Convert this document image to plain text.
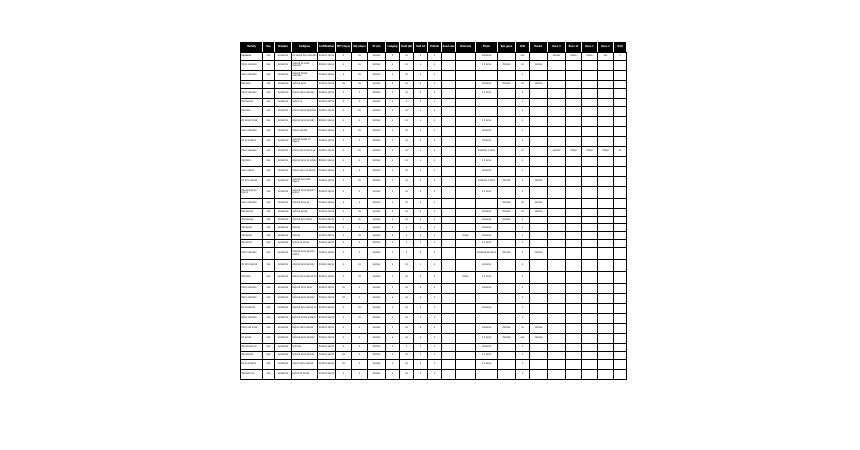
Variety	Use	Breeder	Pedigree	Certification	MFI (days)	MG (days)	Ht (in)	Lodging	Yield (lb)	Test wt	Protein	Seed size	Chlorosis	Phyto	Rps gene	SCN	Resist.	Race 3	Race 14	Race 1	Race 2	Trait
Aaaaaaa	xxx	xxxxxxxx	xx xxxxx xxx xxxxxxx	Xxxxxx xxxxx	x	xx	xxxxxx	x	xx	x	x			xxxxxxx		xxx		xxxxxx	xxxxx	xxxxx	xxx	x
Xxxx xxxxxxx	xxx	xxxxxxxx	xxxxxx xx xxxx xxxxxxx	Xxxxxx xxxxx	x	xx	xxxxxx	x	xx	x	x			x x xxxx	Xxxxxx	xx	xxxxxx					
Xxxx xxxxxxx	xxx	xxxxxxxx	xxxxxx xxxxx xxxxxxx	Xxxxxx xxxxx	x	xx	xxxxxx	x	xx	x	x					x						
Xxxxxxx	xxx	xxxxxxxx	xxxxxx xxxx	Xxxxxx xxxxx	xx	xx	xxxxxx	x	xx	x	x			xxxxxxx	Xxxxxx	xx	xxxxxx					
Xxxx xxxxxxx	xxx	xxxxxxxx	xxxxx xxxx xxxxxxx	Xxxxxx xxxxx	x	x	xxxxxx	x	xx	x	x			x x xxxx		x						
Xxxxxxxxx	xxx	xxxxxxxx	xxxxx xx	Xxxxxx xxxxx	x	x	xxxxxx	x	x	x	x					x						
Xxxxxxx	xxx	xxxxxxxx	xxxxx xxxxx xxxxxxx	Xxxxxx xxxxx	x	xx	xxxxxx	x	xx	x	x					x						
Xx xxxxx xxxx	xxx	xxxxxxxx	xxxxxx xxxx xxxxxx	Xxxxxx xxxxx	x	x	xxxxxx	x	xx	x	x			x x xxxx		x						
Xxxx xxxxxxx	xxx	xxxxxxxx	xxxxx xxxxxx	Xxxxxx xxxxx	x	xx	xxxxxx	x	xx	x	x			xxxxxxx		x						
Xx xx xxxxxx	xxx	xxxxxxxx	xxxxxx xxxxx xx xxxxx	Xxxxxx xxxxx	x	x	xxxxxx	x	xx	x	x			xxxxxxx		x						
Xxxx xxxxxxx	xxx	xxxxxxxx	xxxxx xxx xxxxxx xx	Xxxxxx xxxxx	x	xx	xxxxxx	x	xx	x	x			xxxxxxx x xxxx		xx		xxxxxx	xxxxx	xxxxx	xxxxx	xx
Xxxxxxx	xxx	xxxxxxxx	xxxxxx xxxx xx xxxxx	Xxxxxx xxxxx	x	x	xxxxxx	x	xx	x	x			x x xxxx		x						
Xxxx xxxxx	xxx	xxxxxxxx	xxxxx xxxx xx xxxxx	Xxxxxx xxxxx	x	x	xxxxxx	x	xx	x	x			xxxxxxx		x						
Xx xxx xxxxxx	xxx	xxxxxxxx	xxxxxx xxx xxxx xxxxx	Xxxxxx xxxxx	x	xx	xxxxxx	x	xx	x	x			xxxxxxx x xxxx	Xxxxxx	x	xxxxxx					
Xxxxxxxxx xx xxxxx	xxx	xxxxxxxx	xxxxxx xxxx xxxxxx xxxxx	Xxxxxx xxxxx	x	x	xxxxxx	x	xx	x	x			x x xxxx		x						
Xxxx xxxxxxx	xxx	xxxxxxxx	xxxxxx xxxx xx	Xxxxxx xxxxx	x	x	xxxxxx	x	xx	x	x				Xxxxxx	xx	xxxxxx					
Xxxxxxxxx	xxx	xxxxxxxx	xxxxxx xxxxx	Xxxxxx xxxxx	x	xx	xxxxxx	x	xx	x	x			xxxxxxx	Xxxxxx	xx	xxxxxx					
Xxxxxxxxx	xxx	xxxxxxxx	xxxxxx xxx xxxxx	Xxxxxx xxxxx	x	xx	xxxxxx	x	xx	x	x			xxxxxxx	Xxxxxx	x						
Xxxxxxxx	xxx	xxxxxxxx	xxxxxx	Xxxxxx xxxxx	x	x	xxxxxx	x	x	x	x			xxxxxxx		x						
Xxxxxxxx	xxx	xxxxxxxx	xxxxxx	Xxxxxx xxxxx	x	xx	xxxxxx	x	x	x	x		xxxxx	xxxxxxx		x						
Xxxxxxxx	xxx	xxxxxxxx	xxxxx xx xxxxx	Xxxxxx xxxxx	x	x	xxxxxx	x	x	x	x			x x xxxx		x						
Xxxx xxxxxxx	xxx	xxxxxxxx	xxxxxx xxxx xxxxxx xxxxx	Xxxxxx xxxxx	x	x	xxxxxx	x	x	x	x			xxxxxxx xxxxxxx	Xxxxxx	x	xxxxxx					
Xx xxx xxxxxx	xxx	xxxxxxxx	xxxxxx xxxx xxxxxx	Xxxxxx xxxxx	x	xx	xxxxxx	x	xx	x	x			xxxxxxx		x						
Xxxxxxx	xxx	xxxxxxxx	xxxxx xxx xxxxxxx xx	Xxxxxx xxxxx	x	xx	xxxxxx	x	xx	x	x		xxxxx	x x xxxx		x						
Xxxx xxxxxxx	xxx	xxxxxxxx	xxxxxx xxxx xxxx	Xxxxxx xxxxx	xx	x	xxxxxx	x	xx	x	x			xxxxxxx		x						
Xxxx xxxxxxx	xxx	xxxxxxxx	xxxxxx xxxx xxxxxx	Xxxxxx xxxxx	xx	x	xxxxxx	x	xx	x	x					x						
Xx xxxxxxxx	xxx	xxxxxxxx	xxxxxx xxx xxxxxx xx	Xxxxxx xxxxx	x	xx	xxxxxx	x	xx	x	x			xxxxxxx		x						
Xxxx xxxxxxx	xxx	xxxxxxxx	xxxxxx xxxxx xxxxxx	Xxxxxx xxxxx	x	xx	xxxxxx	x	xx	x	x					x						
Xxxx xxx xxxx	xxx	xxxxxxxx	xxxxx xxxx xxxxxx	Xxxxxx xxxxx	x	x	xxxxxx	x	xx	x	x			xxxxxxx	Xxxxxx	xx	xxxxxx					
Xx xxxxx	xxx	xxxxxxxx	xxxxxx xxxx xxxxxx	Xxxxxx xxxxx	x	x	xxxxxx	x	xx	x	x			x x xxxx	Xxxxxx	xxx	xxxxxx					
Xxxxxxxxx xx	xxx	xxxxxxxx	xxxxxxx	Xxxxxx xxxxx	x	x	xxxxxx	x	x	x	x			xxxxxxx		x						
Xxxxxxxxx	xxx	xxxxxxxx	xxxxxx xxxx xxxxxx	Xxxxxx xxxxx	xx	x	xxxxxx	x	xx	x	x			x x xxxx		x						
Xx xx xxxxxx	xxx	xxxxxxxx	xxxxx xxxx xxxxxx	Xxxxxx xxxxx	xx	x	xxxxxx	x	xx	x	x			x x xxxx		x						
Xxxxxxx xx	xxx	xxxxxxxx	xxxxx xx xxxxx	Xxxxxx xxxxx	x	x	xxxxxx	x	xx	x	x					x						
